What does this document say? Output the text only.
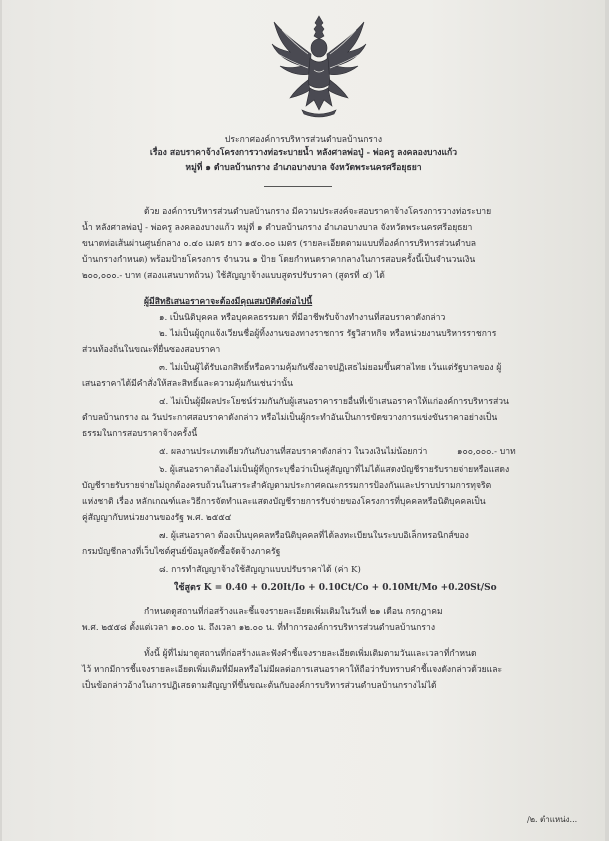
ประกาศองค์การบริหารส่วนตำบลบ้านกราง
เรื่อง สอบราคาจ้างโครงการวางท่อระบายน้ำ หลังศาลพ่อปู่ - พ่อครู ลงคลองบางแก้ว
หมู่ที่ ๑ ตำบลบ้านกราง อำเภอบางบาล จังหวัดพระนครศรีอยุธยา
ด้วย องค์การบริหารส่วนตำบลบ้านกราง มีความประสงค์จะสอบราคาจ้างโครงการวางท่อระบาย
น้ำ หลังศาลพ่อปู่ - พ่อครู ลงคลองบางแก้ว หมู่ที่ ๑ ตำบลบ้านกราง อำเภอบางบาล จังหวัดพระนครศรีอยุธยา
ขนาดท่อเส้นผ่านศูนย์กลาง ๐.๔๐ เมตร ยาว ๑๕๐.๐๐ เมตร (รายละเอียดตามแบบที่องค์การบริหารส่วนตำบล
บ้านกรางกำหนด) พร้อมป้ายโครงการ จำนวน ๑ ป้าย โดยกำหนดราคากลางในการสอบครั้งนี้เป็นจำนวนเงิน
๒๐๐,๐๐๐.- บาท (สองแสนบาทถ้วน) ใช้สัญญาจ้างแบบสูตรปรับราคา (สูตรที่ ๔) ได้
ผู้มีสิทธิเสนอราคาจะต้องมีคุณสมบัติดังต่อไปนี้
๑. เป็นนิติบุคคล หรือบุคคลธรรมดา ที่มีอาชีพรับจ้างทำงานที่สอบราคาดังกล่าว
๒. ไม่เป็นผู้ถูกแจ้งเวียนชื่อผู้ทิ้งงานของทางราชการ รัฐวิสาหกิจ หรือหน่วยงานบริหารราชการ
ส่วนท้องถิ่นในขณะที่ยื่นซองสอบราคา
๓. ไม่เป็นผู้ได้รับเอกสิทธิ์หรือความคุ้มกันซึ่งอาจปฏิเสธไม่ยอมขึ้นศาลไทย เว้นแต่รัฐบาลของ ผู้
เสนอราคาได้มีคำสั่งให้สละสิทธิ์และความคุ้มกันเช่นว่านั้น
๔. ไม่เป็นผู้มีผลประโยชน์ร่วมกันกับผู้เสนอราคารายอื่นที่เข้าเสนอราคาให้แก่องค์การบริหารส่วน
ตำบลบ้านกราง ณ วันประกาศสอบราคาดังกล่าว หรือไม่เป็นผู้กระทำอันเป็นการขัดขวางการแข่งขันราคาอย่างเป็น
ธรรมในการสอบราคาจ้างครั้งนี้
๕. ผลงานประเภทเดียวกันกับงานที่สอบราคาดังกล่าว ในวงเงินไม่น้อยกว่า	๑๐๐,๐๐๐.- บาท
๖. ผู้เสนอราคาต้องไม่เป็นผู้ที่ถูกระบุชื่อว่าเป็นคู่สัญญาที่ไม่ได้แสดงบัญชีรายรับรายจ่ายหรือแสดง
บัญชีรายรับรายจ่ายไม่ถูกต้องครบถ้วนในสาระสำคัญตามประกาศคณะกรรมการป้องกันและปราบปรามการทุจริต
แห่งชาติ เรื่อง หลักเกณฑ์และวิธีการจัดทำและแสดงบัญชีรายการรับจ่ายของโครงการที่บุคคลหรือนิติบุคคลเป็น
คู่สัญญากับหน่วยงานของรัฐ พ.ศ. ๒๕๕๔
๗. ผู้เสนอราคา ต้องเป็นบุคคลหรือนิติบุคคลที่ได้ลงทะเบียนในระบบอิเล็กทรอนิกส์ของ
กรมบัญชีกลางที่เว็บไซต์ศูนย์ข้อมูลจัดซื้อจัดจ้างภาครัฐ
๘. การทำสัญญาจ้างใช้สัญญาแบบปรับราคาได้ (ค่า K)
ใช้สูตร K = 0.40 + 0.20It/Io + 0.10Ct/Co + 0.10Mt/Mo +0.20St/So
กำหนดดูสถานที่ก่อสร้างและชี้แจงรายละเอียดเพิ่มเติมในวันที่ ๒๑ เดือน กรกฎาคม
พ.ศ. ๒๕๕๘ ตั้งแต่เวลา ๑๐.๐๐ น. ถึงเวลา ๑๒.๐๐ น. ที่ทำการองค์การบริหารส่วนตำบลบ้านกราง
ทั้งนี้ ผู้ที่ไม่มาดูสถานที่ก่อสร้างและฟังคำชี้แจงรายละเอียดเพิ่มเติมตามวันและเวลาที่กำหนด
ไว้ หากมีการชี้แจงรายละเอียดเพิ่มเติมที่มีผลหรือไม่มีผลต่อการเสนอราคาให้ถือว่ารับทราบคำชี้แจงดังกล่าวด้วยและ
เป็นข้อกล่าวอ้างในการปฏิเสธตามสัญญาที่ขึ้นขณะต้นกับองค์การบริหารส่วนตำบลบ้านกรางไม่ได้
/๒. ตำแหน่ง...
